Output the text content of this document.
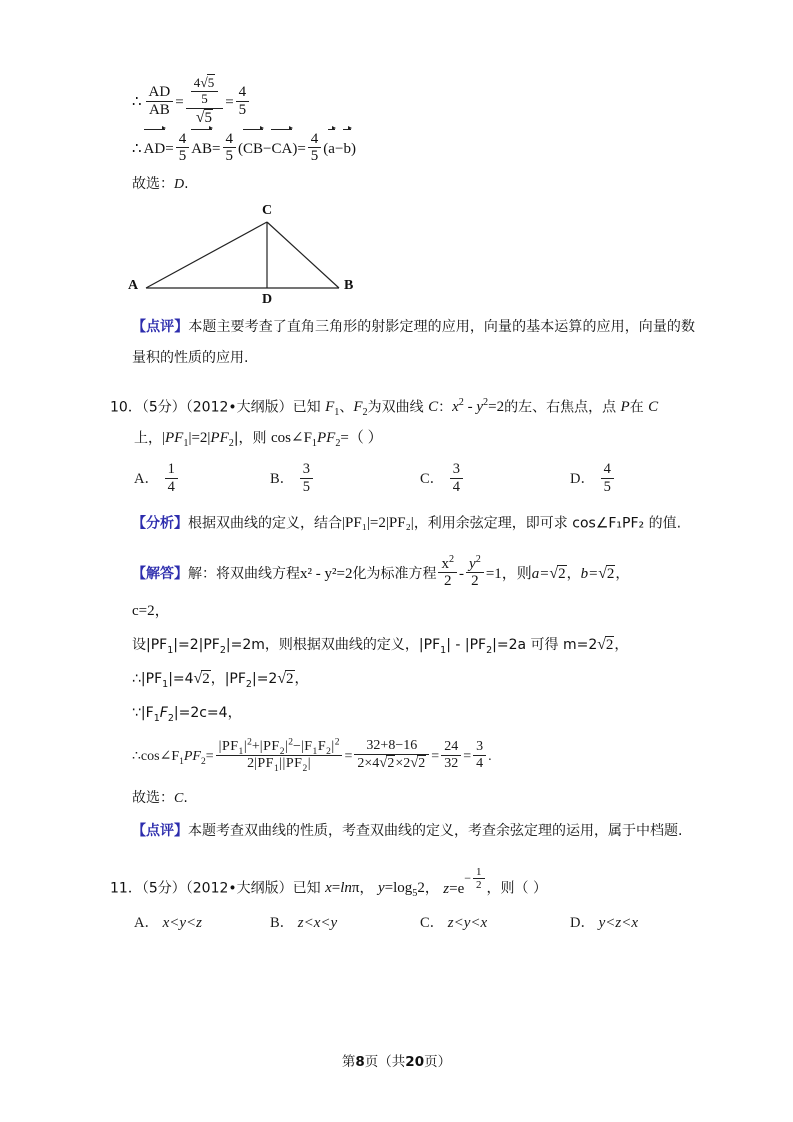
∴ $\frac{AD}{AB} = \frac{\frac{4√5}{5}}{√5} = \frac{4}{5}$
∴ $AD= \frac{4}{5} AB= \frac{4}{5} (CB-CA)= \frac{4}{5} (a-b)$
故选：D.
A	B
C
D
【点评】本题主要考查了直角三角形的射影定理的应用，向量的基本运算的应用，向量的数量积的性质的应用.
10．（5分）（2012•大纲版）已知 $F_1$、$F_2$为双曲线 C：$x^2 - y^2=2$的左、右焦点，点 P在 C
上，$|PF_1|=2|PF_2|$，则 $\cos\angle F_1PF_2=$（ ）
A． $\frac{1}{4}$	B． $\frac{3}{5}$	C． $\frac{3}{4}$	D． $\frac{4}{5}$
【分析】根据双曲线的定义，结合|PF₁|=2|PF₂|，利用余弦定理，即可求 cos∠F₁PF₂ 的值.
【解答】解：将双曲线方程x² - y²=2化为标准方程 $\frac{x^2}{2} - \frac{y^2}{2} =1$，则a=√2，b=√2，
c=2，
设$|PF_1|=2|PF_2|=2m$，则根据双曲线的定义，$|PF_1| - |PF_2|=2a$ 可得 m=2√2，
$\therefore|PF_1|=4√2$，$|PF_2|=2√2$，
$\because|F_1F_2|=2c=4$，
$\therefore\cos\angle F_1PF_2= \frac{|PF_1|^2+|PF_2|^2-|F_1F_2|^2}{2|PF_1||PF_2|} = \frac{32+8-16}{2\times 4√2\times 2√2} = \frac{24}{32} = \frac{3}{4}$ .
故选：C.
【点评】本题考查双曲线的性质，考查双曲线的定义，考查余弦定理的运用，属于中档题.
11．（5分）（2012•大纲版）已知 x=lnπ， $y=\log_52$， $z=e- \frac{1}{2}$ ，则（ ）
A． x<y<z	B． z<x<y	C． z<y<x	D． y<z<x
第8页（共20页）
